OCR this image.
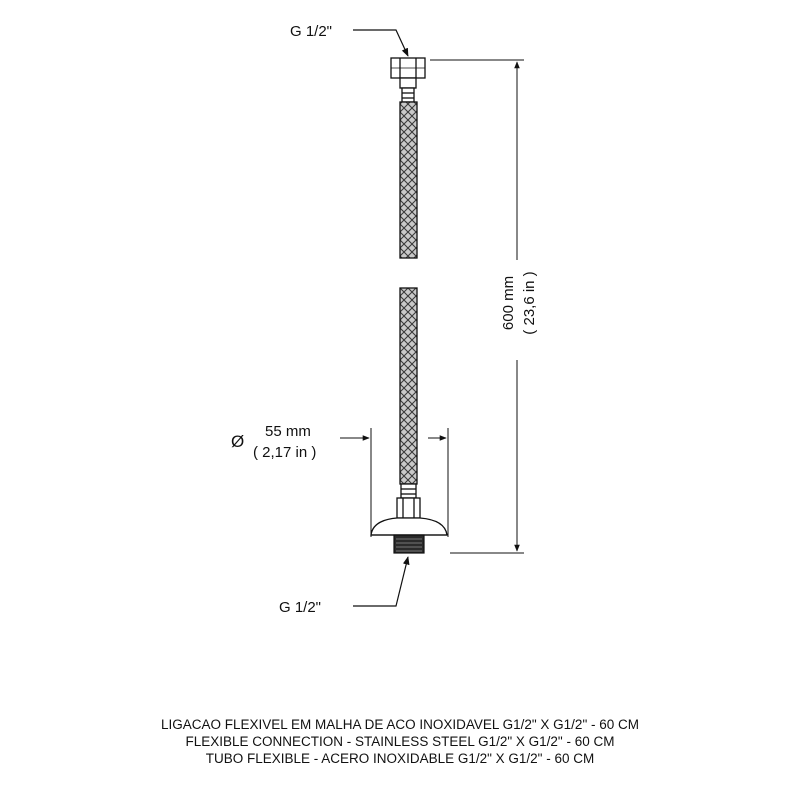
G 1/2"
G 1/2"
600 mm ( 23,6 in )
Ø
55 mm
( 2,17 in )
LIGACAO FLEXIVEL EM MALHA DE ACO INOXIDAVEL G1/2" X G1/2" - 60 CM
FLEXIBLE CONNECTION - STAINLESS STEEL G1/2" X G1/2" - 60 CM
TUBO FLEXIBLE - ACERO INOXIDABLE G1/2" X G1/2" - 60 CM
